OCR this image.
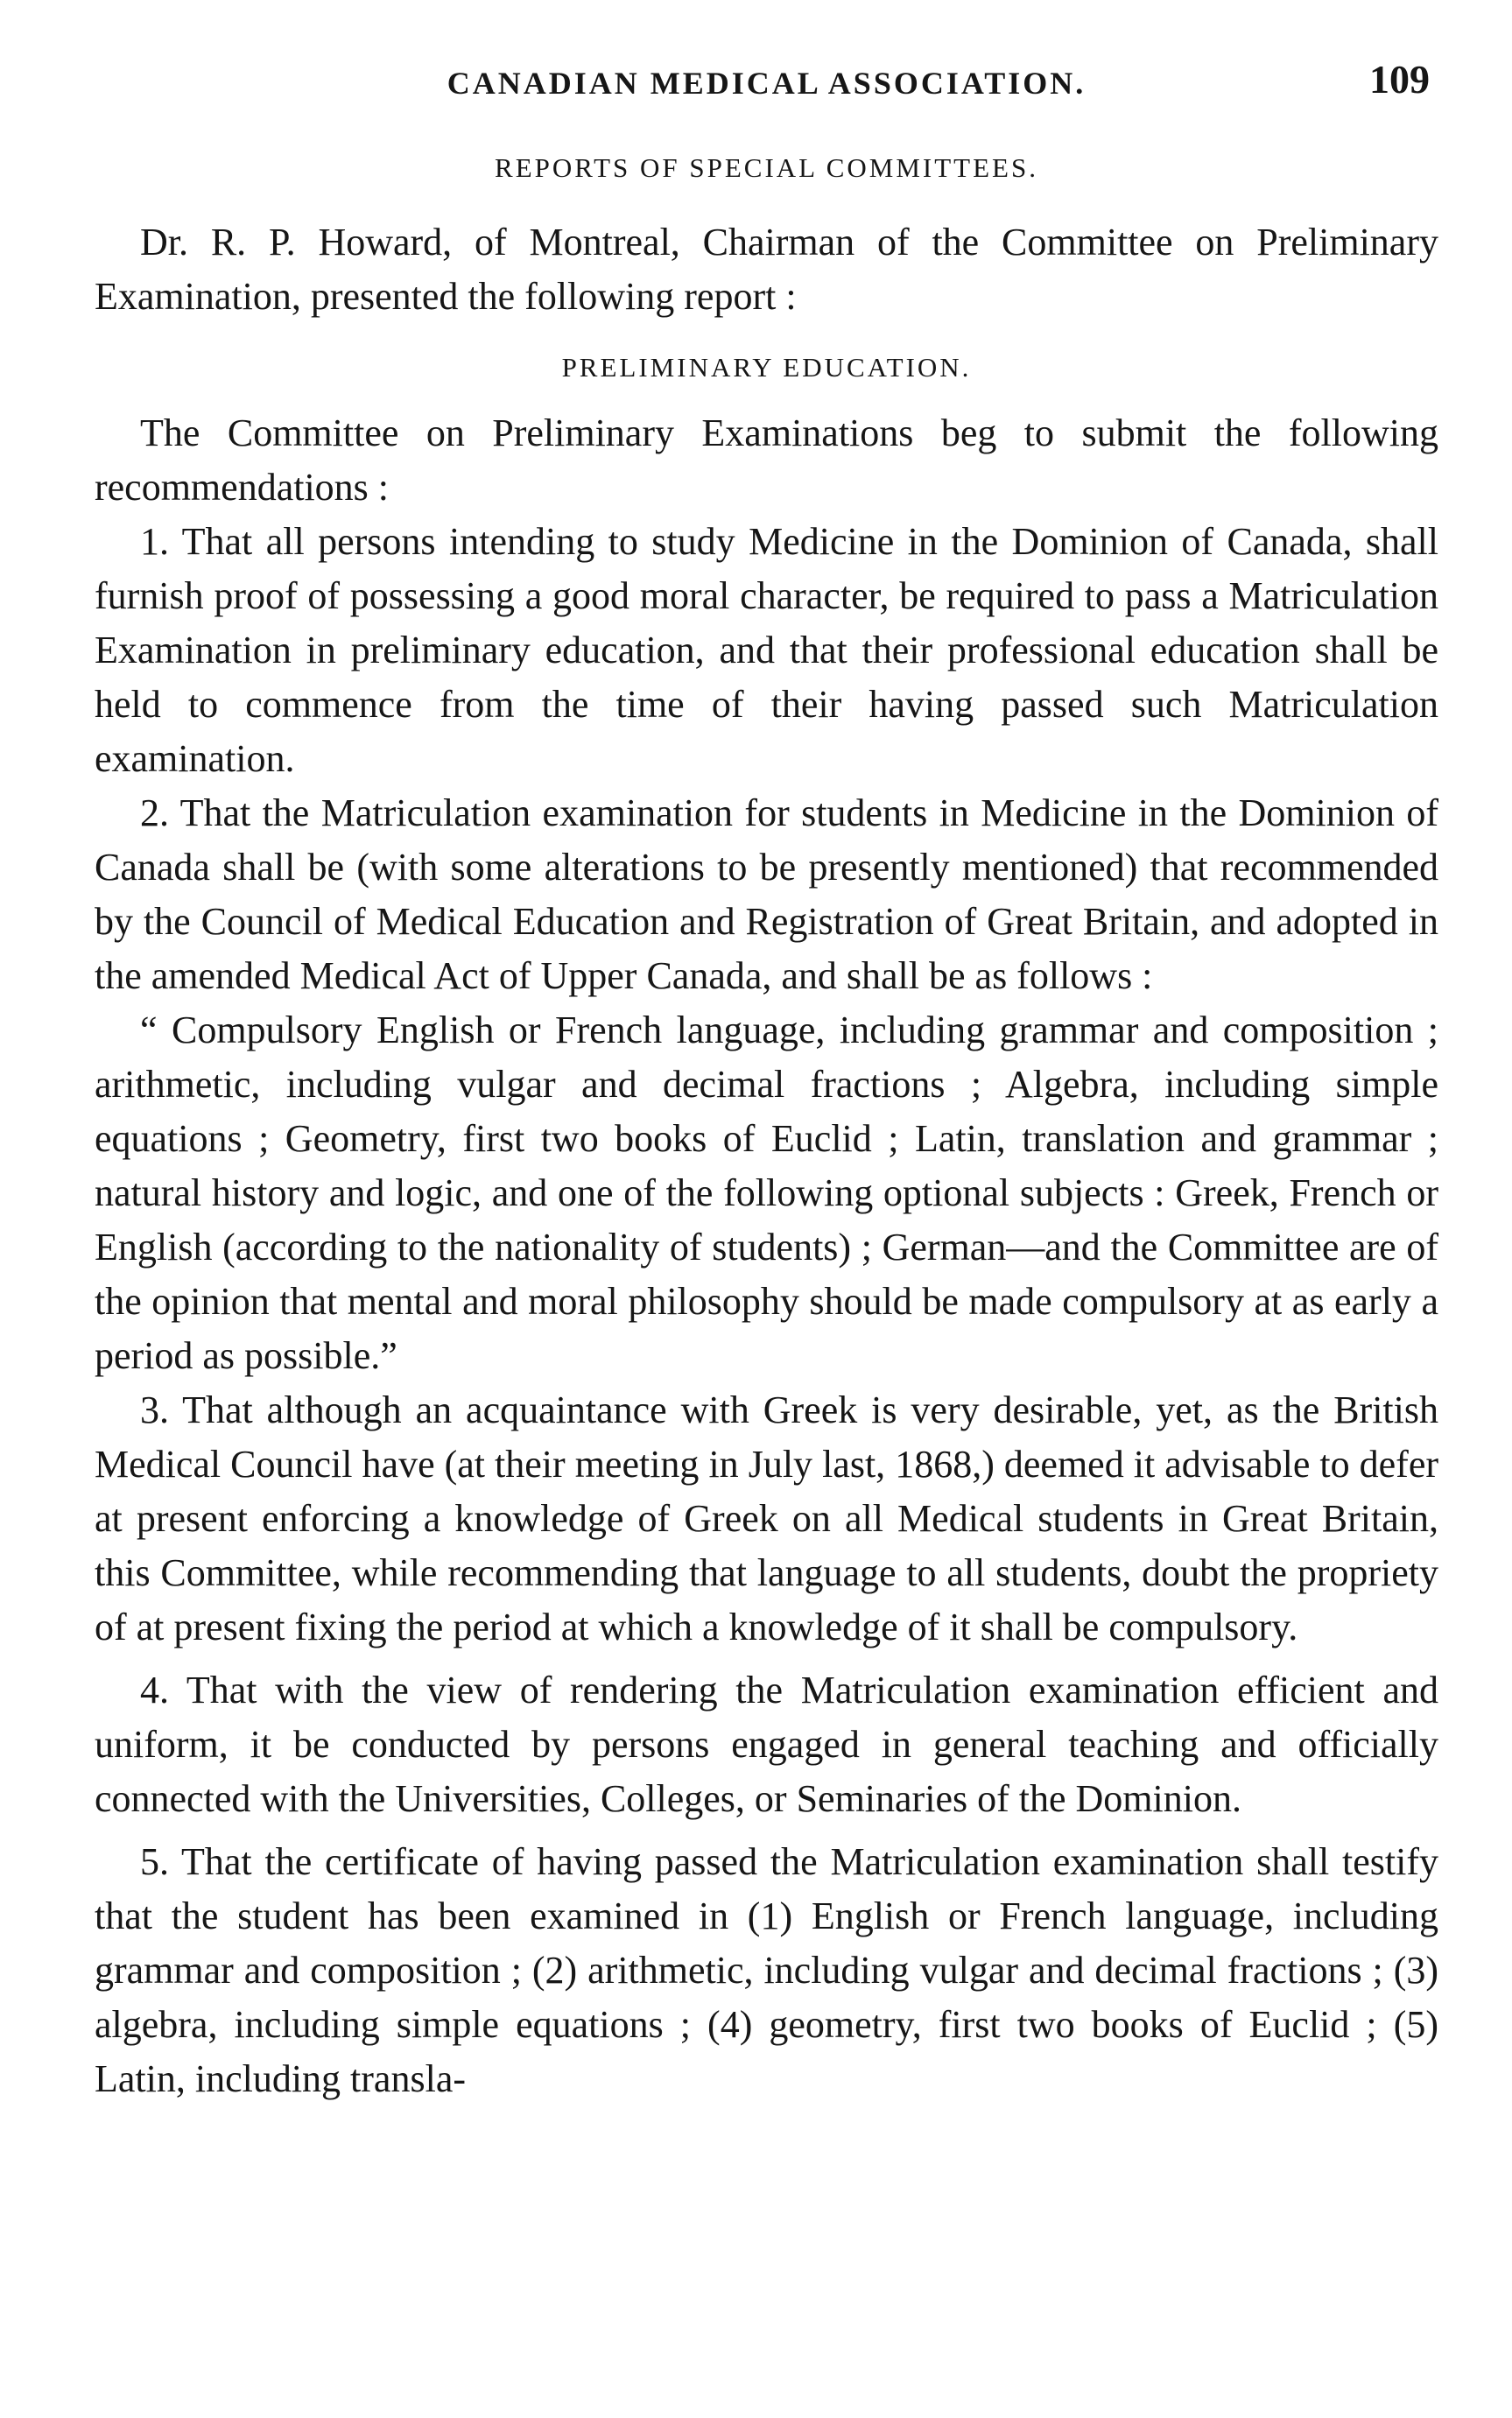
CANADIAN MEDICAL ASSOCIATION.	109
REPORTS OF SPECIAL COMMITTEES.

Dr. R. P. Howard, of Montreal, Chairman of the Committee on Preliminary Examination, presented the following report :

PRELIMINARY EDUCATION.

The Committee on Preliminary Examinations beg to submit the following recommendations :

1. That all persons intending to study Medicine in the Dominion of Canada, shall furnish proof of possessing a good moral character, be required to pass a Matriculation Examination in preliminary education, and that their professional education shall be held to commence from the time of their having passed such Matriculation examination.

2. That the Matriculation examination for students in Medicine in the Dominion of Canada shall be (with some alterations to be presently mentioned) that recommended by the Council of Medical Education and Registration of Great Britain, and adopted in the amended Medical Act of Upper Canada, and shall be as follows :

“ Compulsory English or French language, including grammar and composition ; arithmetic, including vulgar and decimal fractions ; Algebra, including simple equations ; Geometry, first two books of Euclid ; Latin, translation and grammar ; natural history and logic, and one of the following optional subjects : Greek, French or English (according to the nationality of students) ; German—and the Committee are of the opinion that mental and moral philosophy should be made compulsory at as early a period as possible.”

3. That although an acquaintance with Greek is very desirable, yet, as the British Medical Council have (at their meeting in July last, 1868,) deemed it advisable to defer at present enforcing a knowledge of Greek on all Medical students in Great Britain, this Committee, while recommending that language to all students, doubt the propriety of at present fixing the period at which a knowledge of it shall be compulsory.

4. That with the view of rendering the Matriculation examination efficient and uniform, it be conducted by persons engaged in general teaching and officially connected with the Universities, Colleges, or Seminaries of the Dominion.

5. That the certificate of having passed the Matriculation examination shall testify that the student has been examined in (1) English or French language, including grammar and composition ; (2) arithmetic, including vulgar and decimal fractions ; (3) algebra, including simple equations ; (4) geometry, first two books of Euclid ; (5) Latin, including transla-
